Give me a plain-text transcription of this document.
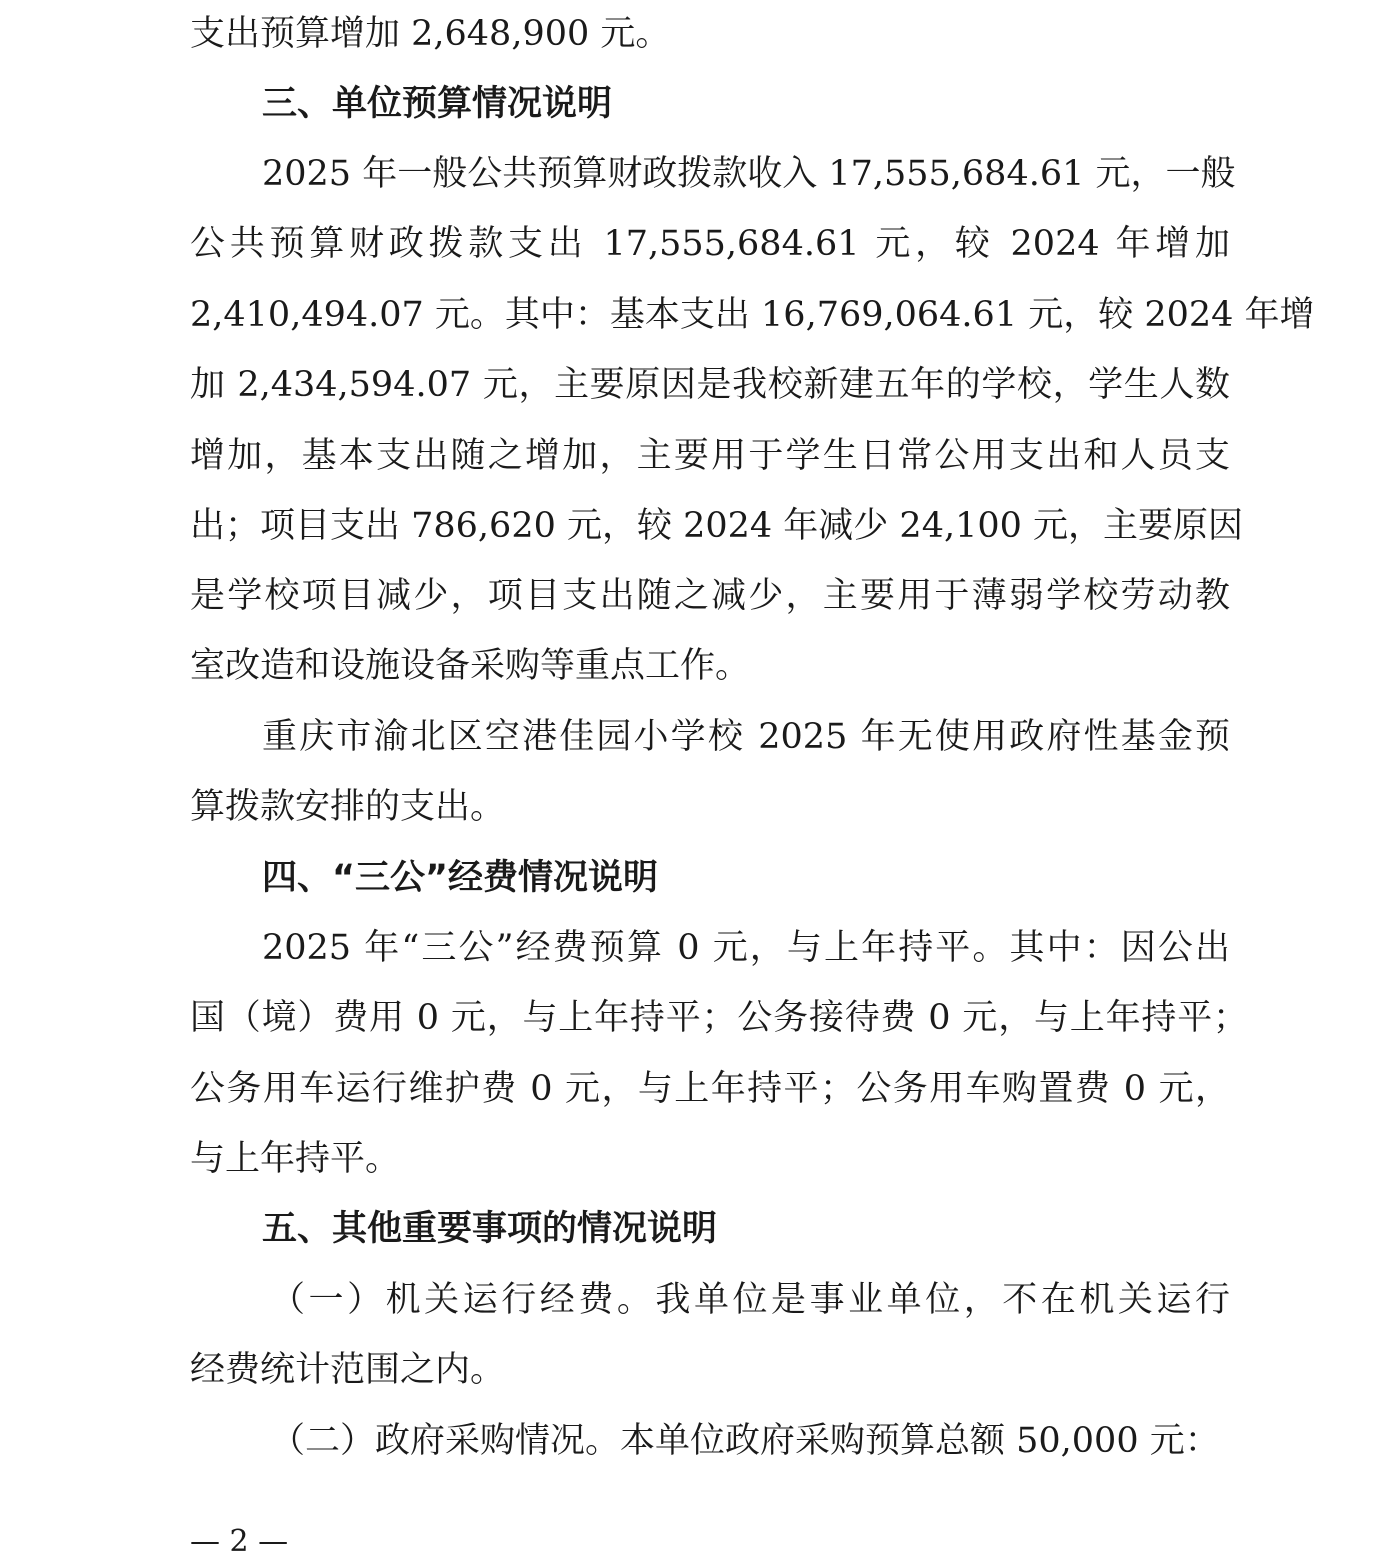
支出预算增加 2,648,900 元。
三、单位预算情况说明
2025 年一般公共预算财政拨款收入 17,555,684.61 元，一般
公共预算财政拨款支出 17,555,684.61 元，较 2024 年增加
2,410,494.07 元。其中：基本支出 16,769,064.61 元，较 2024 年增
加 2,434,594.07 元，主要原因是我校新建五年的学校，学生人数
增加，基本支出随之增加，主要用于学生日常公用支出和人员支
出；项目支出 786,620 元，较 2024 年减少 24,100 元，主要原因
是学校项目减少，项目支出随之减少，主要用于薄弱学校劳动教
室改造和设施设备采购等重点工作。
重庆市渝北区空港佳园小学校 2025 年无使用政府性基金预
算拨款安排的支出。
四、“三公”经费情况说明
2025 年“三公”经费预算 0 元，与上年持平。其中：因公出
国（境）费用 0 元，与上年持平；公务接待费 0 元，与上年持平；
公务用车运行维护费 0 元，与上年持平；公务用车购置费 0 元，
与上年持平。
五、其他重要事项的情况说明
（一）机关运行经费。我单位是事业单位，不在机关运行
经费统计范围之内。
（二）政府采购情况。本单位政府采购预算总额 50,000 元：
— 2 —
